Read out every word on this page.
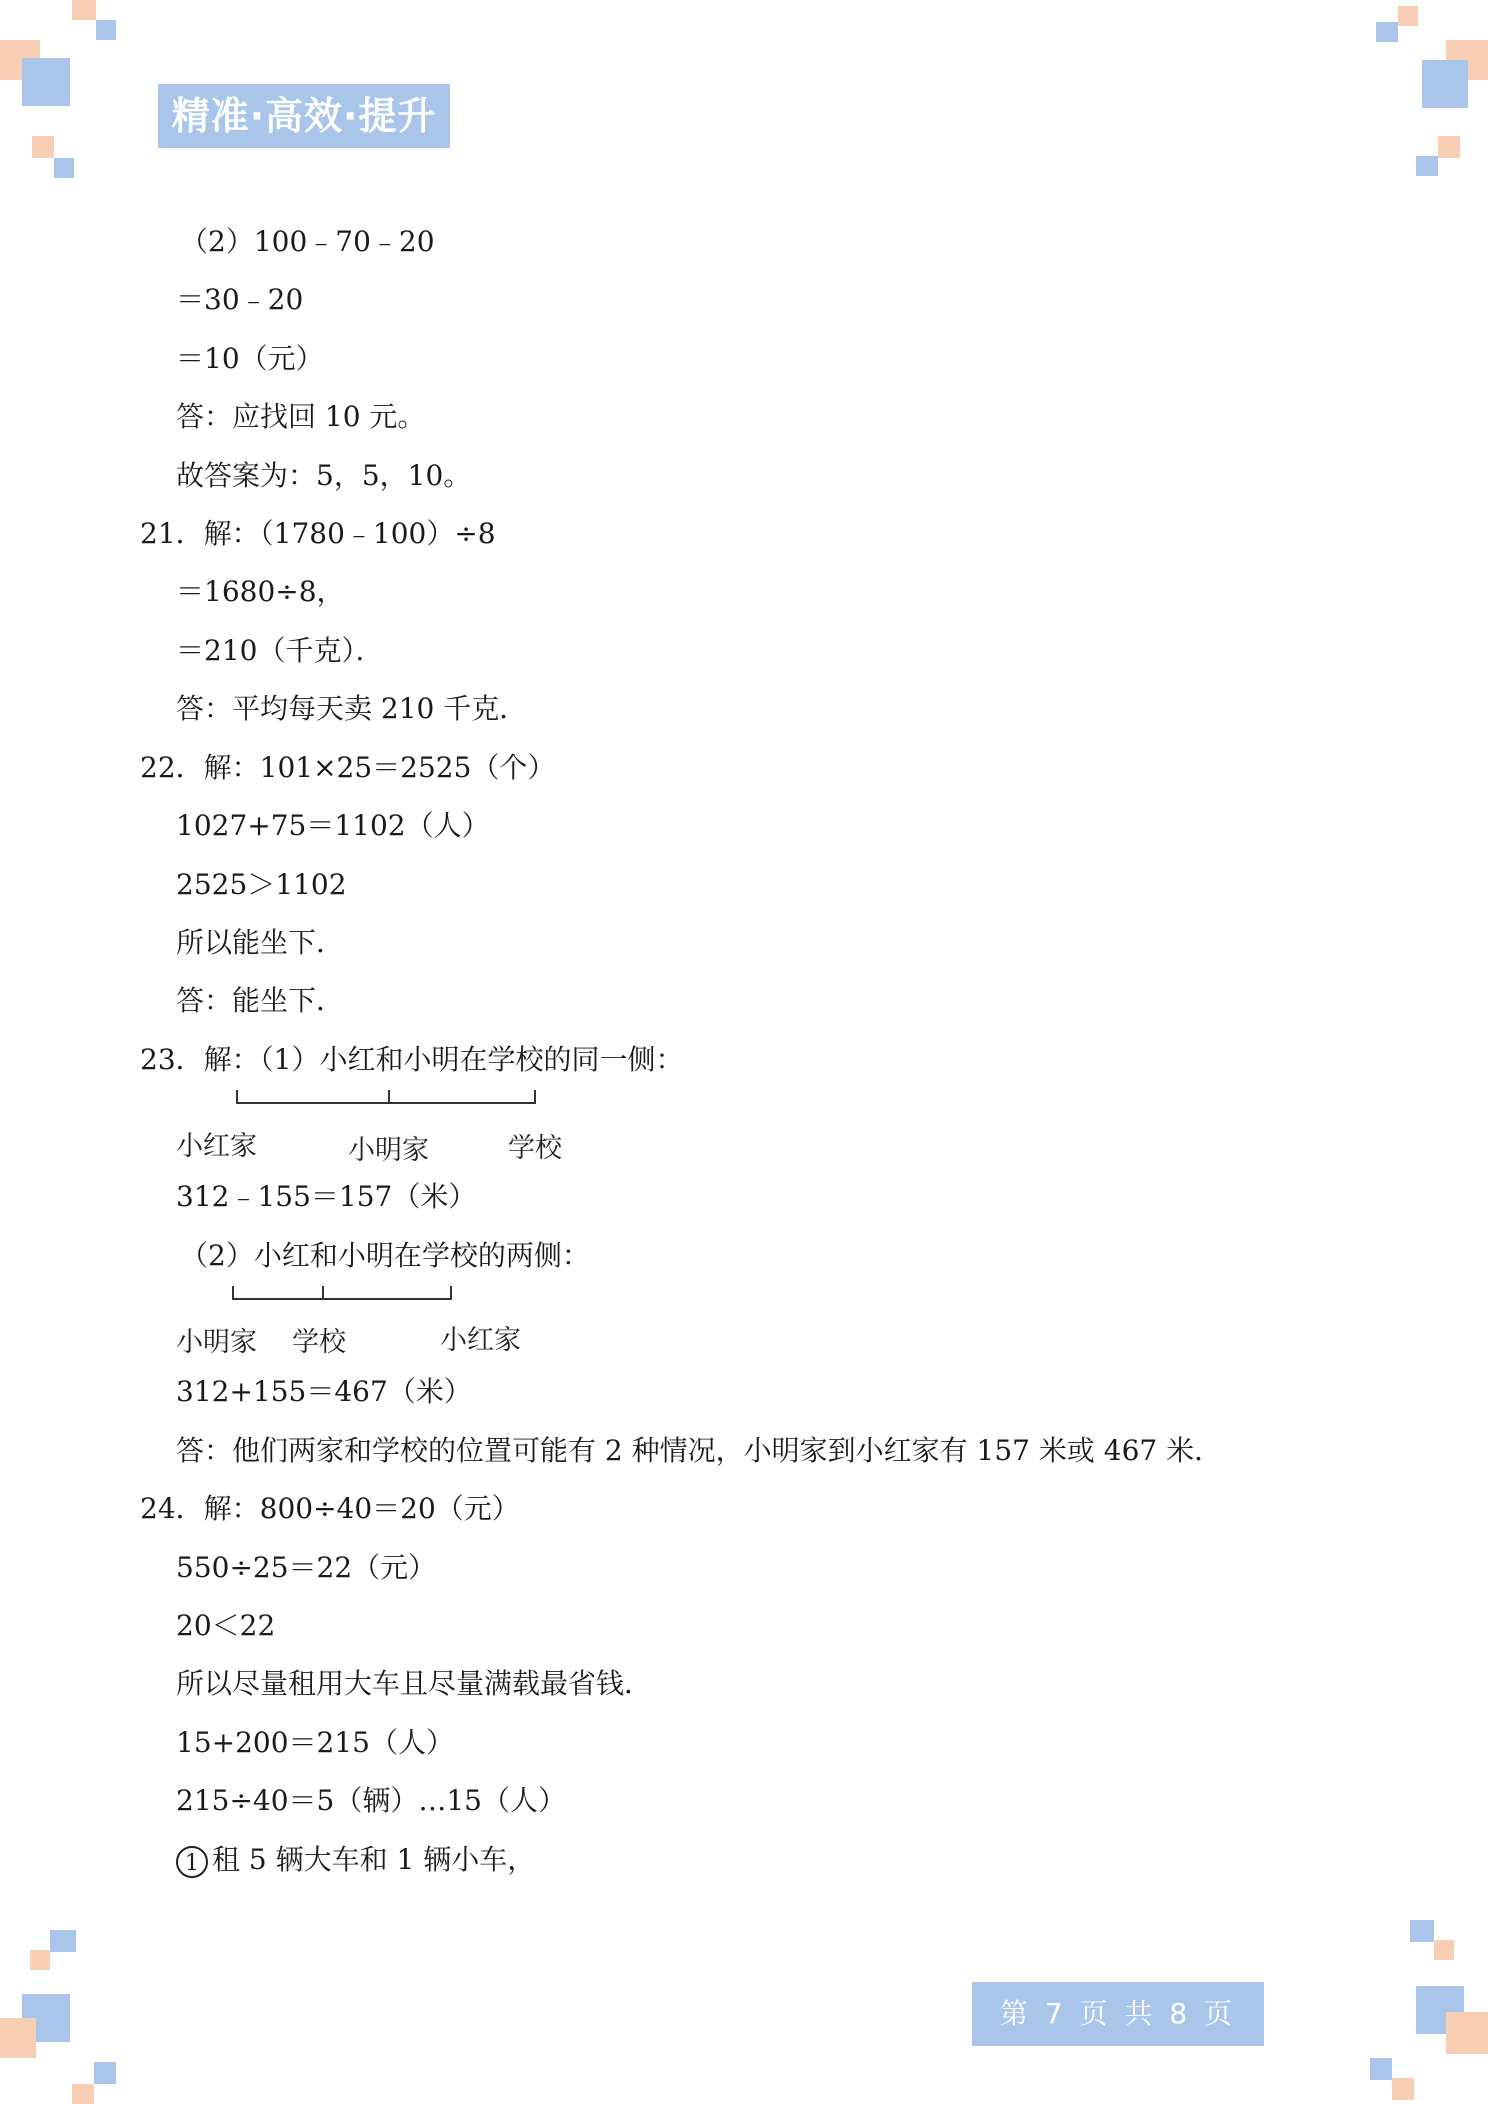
精准·高效·提升
（2）100﹣70﹣20
＝30﹣20
＝10（元）
答：应找回 10 元。
故答案为：5，5，10。
21．解：（1780﹣100）÷8
＝1680÷8，
＝210（千克）．
答：平均每天卖 210 千克．
22．解：101×25＝2525（个）
1027+75＝1102（人）
2525＞1102
所以能坐下．
答：能坐下．
23．解：（1）小红和小明在学校的同一侧：
小红家	小明家	学校
312﹣155＝157（米）
（2）小红和小明在学校的两侧：
小明家 学校	小红家
312+155＝467（米）
答：他们两家和学校的位置可能有 2 种情况，小明家到小红家有 157 米或 467 米．
24．解：800÷40＝20（元）
550÷25＝22（元）
20＜22
所以尽量租用大车且尽量满载最省钱．
15+200＝215（人）
215÷40＝5（辆）…15（人）
1 租 5 辆大车和 1 辆小车，
第 7 页 共 8 页
